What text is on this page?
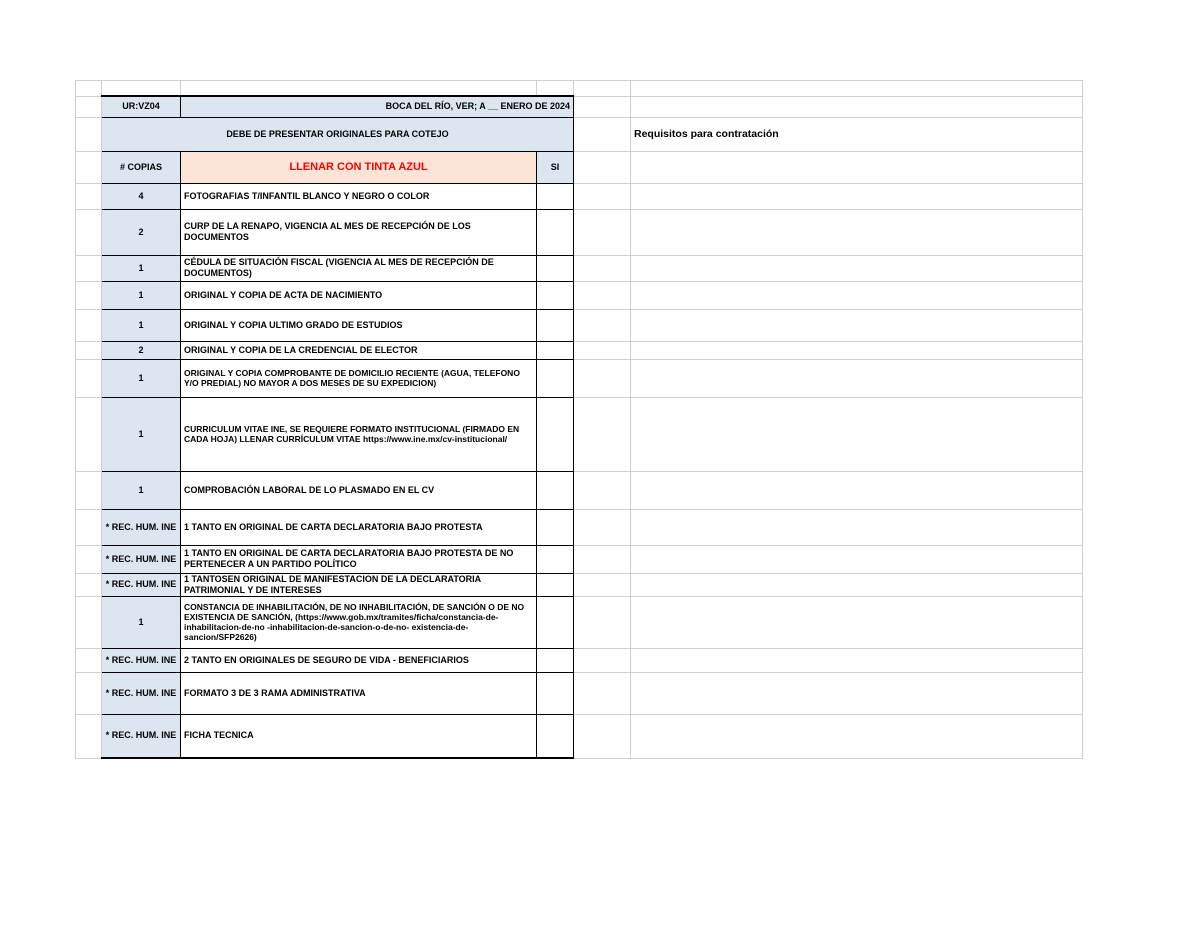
	UR:VZ04	BOCA DEL RÍO, VER; A __ ENERO DE 2024			
	DEBE DE PRESENTAR ORIGINALES PARA COTEJO				Requisitos para contratación
	# COPIAS	LLENAR CON TINTA AZUL	SI		
	4	FOTOGRAFIAS T/INFANTIL BLANCO Y NEGRO O COLOR			
	2	CURP DE LA RENAPO, VIGENCIA AL MES DE RECEPCIÓN DE LOS DOCUMENTOS			
	1	CÉDULA DE SITUACIÓN FISCAL (VIGENCIA AL MES DE RECEPCIÓN DE DOCUMENTOS)			
	1	ORIGINAL Y COPIA DE ACTA DE NACIMIENTO			
	1	ORIGINAL Y COPIA ULTIMO GRADO DE ESTUDIOS			
	2	ORIGINAL Y COPIA DE LA CREDENCIAL DE ELECTOR			
	1	ORIGINAL Y COPIA COMPROBANTE DE DOMICILIO RECIENTE (AGUA, TELEFONO Y/O PREDIAL) NO MAYOR A DOS MESES DE SU EXPEDICION)			
	1	CURRICULUM VITAE INE, SE REQUIERE FORMATO INSTITUCIONAL (FIRMADO EN CADA HOJA) LLENAR CURRÍCULUM VITAE https://www.ine.mx/cv-institucional/			
	1	COMPROBACIÓN LABORAL DE LO PLASMADO EN EL CV			
	* REC. HUM. INE	1 TANTO EN ORIGINAL DE CARTA DECLARATORIA BAJO PROTESTA			
	* REC. HUM. INE	1 TANTO EN ORIGINAL DE CARTA DECLARATORIA BAJO PROTESTA DE NO PERTENECER A UN PARTIDO POLÍTICO			
	* REC. HUM. INE	1 TANTOSEN ORIGINAL DE MANIFESTACION DE LA DECLARATORIA PATRIMONIAL Y DE INTERESES			
	1	CONSTANCIA DE INHABILITACIÓN, DE NO INHABILITACIÓN, DE SANCIÓN O DE NO EXISTENCIA DE SANCIÓN, (https://www.gob.mx/tramites/ficha/constancia-de-inhabilitacion-de-no -inhabilitacion-de-sancion-o-de-no- existencia-de-sancion/SFP2626)			
	* REC. HUM. INE	2 TANTO EN ORIGINALES DE SEGURO DE VIDA - BENEFICIARIOS			
	* REC. HUM. INE	FORMATO 3 DE 3 RAMA ADMINISTRATIVA			
	* REC. HUM. INE	FICHA TECNICA			
